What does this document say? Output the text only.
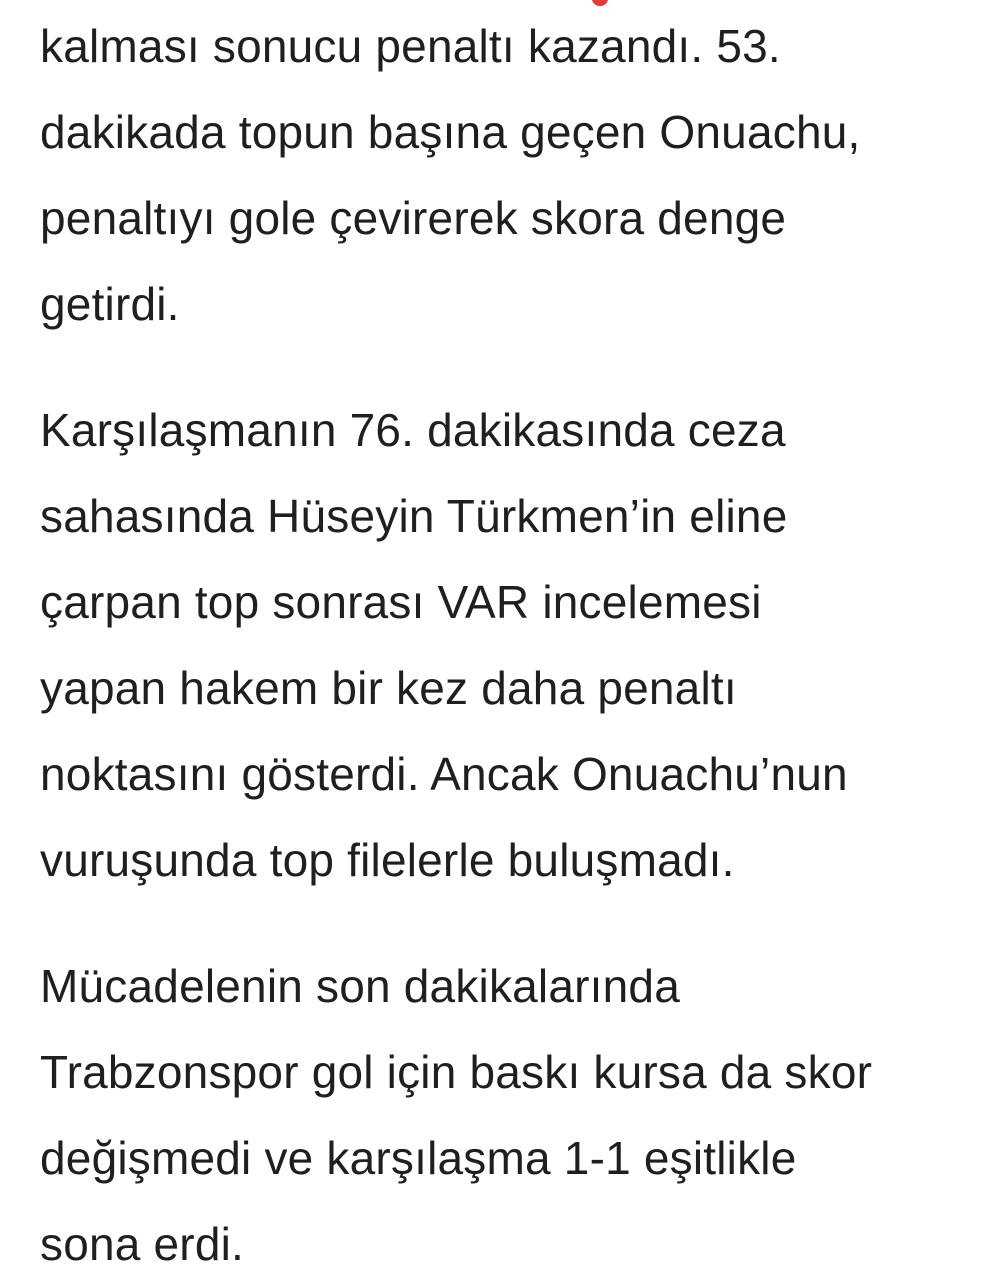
kalması sonucu penaltı kazandı. 53.
dakikada topun başına geçen Onuachu,
penaltıyı gole çevirerek skora denge
getirdi.

Karşılaşmanın 76. dakikasında ceza
sahasında Hüseyin Türkmen’in eline
çarpan top sonrası VAR incelemesi
yapan hakem bir kez daha penaltı
noktasını gösterdi. Ancak Onuachu’nun
vuruşunda top filelerle buluşmadı.

Mücadelenin son dakikalarında
Trabzonspor gol için baskı kursa da skor
değişmedi ve karşılaşma 1-1 eşitlikle
sona erdi.
